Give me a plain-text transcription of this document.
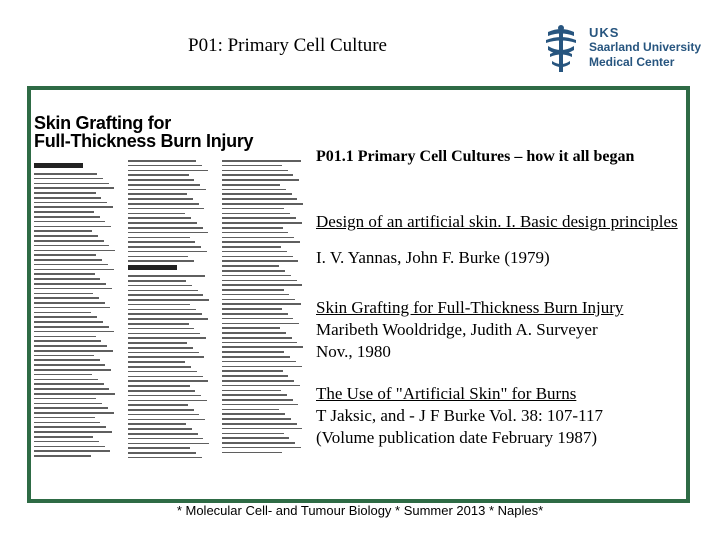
P01: Primary Cell Culture
UKS
Saarland University
Medical Center
Skin Grafting for
Full-Thickness Burn Injury
P01.1 Primary Cell Cultures – how it all began
Design of an artificial skin. I. Basic design principles
I. V. Yannas, John F. Burke (1979)
Skin Grafting for Full-Thickness Burn Injury
Maribeth Wooldridge, Judith A. Surveyer
Nov., 1980
The Use of "Artificial Skin" for Burns
T Jaksic, and - J F Burke Vol. 38: 107-117
(Volume publication date February 1987)
* Molecular Cell- and Tumour Biology * Summer 2013 * Naples*
